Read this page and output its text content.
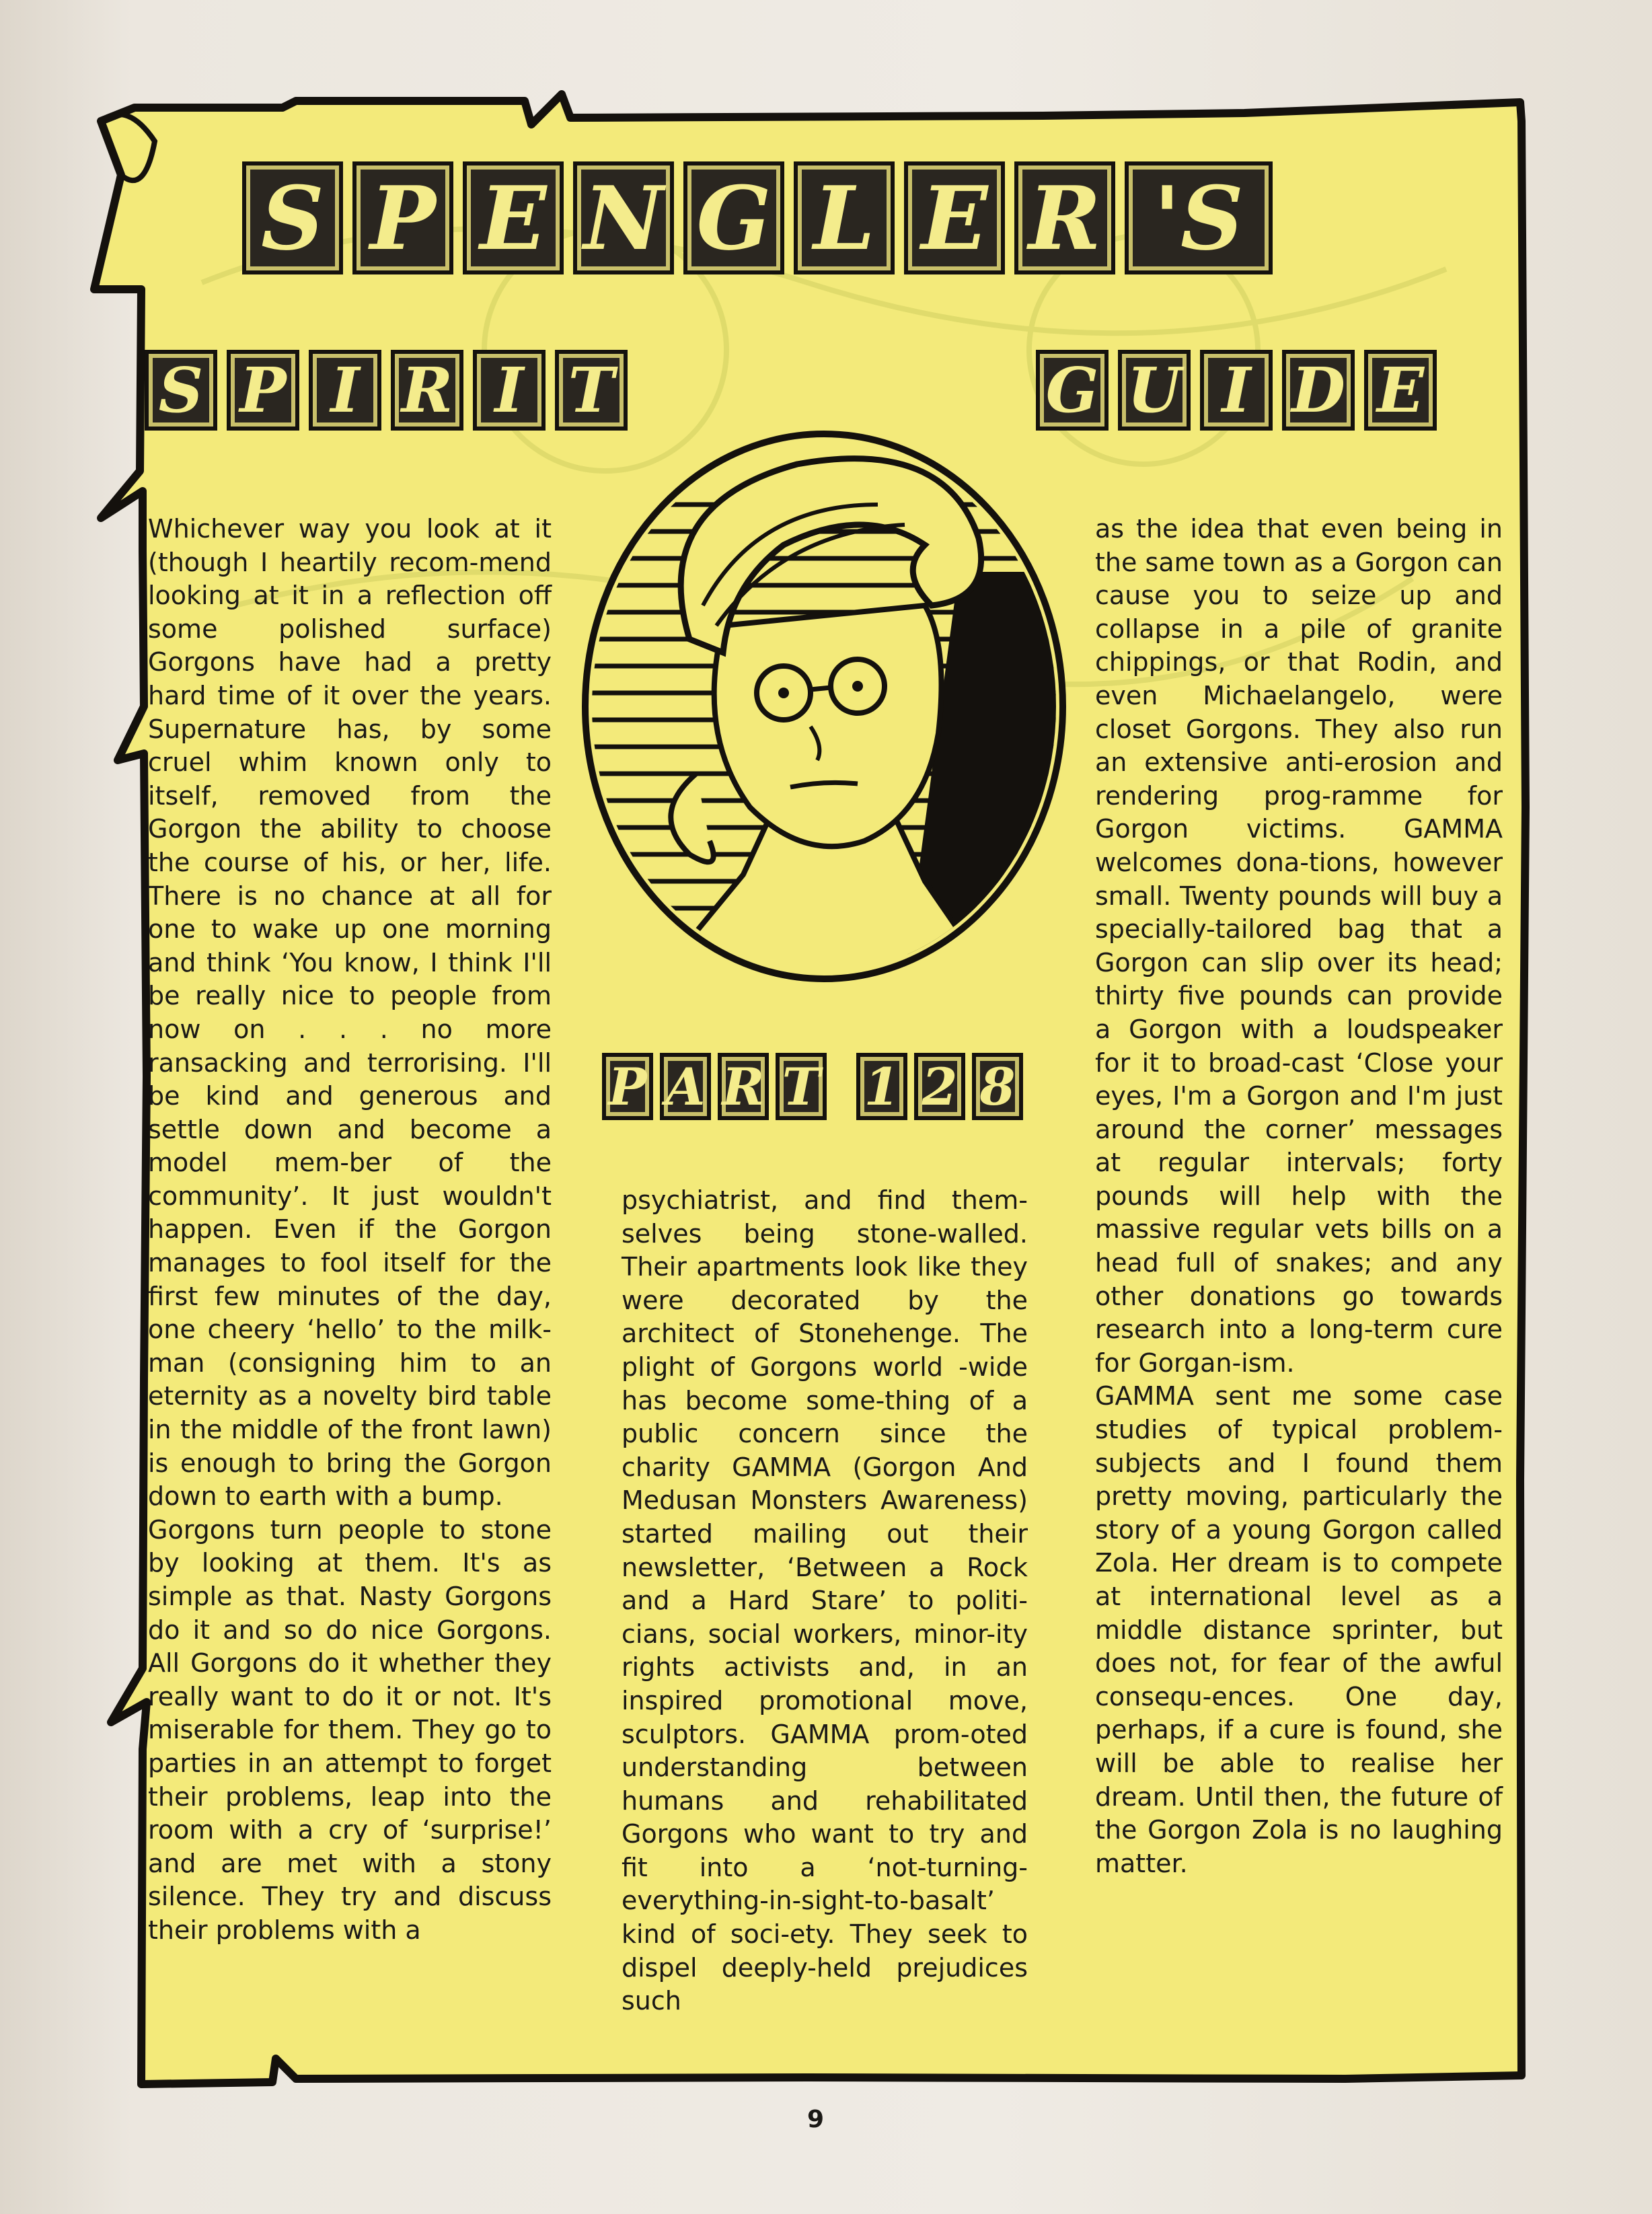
S P E N G L E R 'S
S P I R I T	G U I D E
P A R T 1 2 8

Whichever way you look at it (though I heartily recom-mend looking at it in a reflection off some polished surface) Gorgons have had a pretty hard time of it over the years. Supernature has, by some cruel whim known only to itself, removed from the Gorgon the ability to choose the course of his, or her, life. There is no chance at all for one to wake up one morning and think ‘You know, I think I'll be really nice to people from now on . . . no more ransacking and terrorising. I'll be kind and generous and settle down and become a model mem-ber of the community’. It just wouldn't happen. Even if the Gorgon manages to fool itself for the first few minutes of the day, one cheery ‘hello’ to the milk-man (consigning him to an eternity as a novelty bird table in the middle of the front lawn) is enough to bring the Gorgon down to earth with a bump.

Gorgons turn people to stone by looking at them. It's as simple as that. Nasty Gorgons do it and so do nice Gorgons. All Gorgons do it whether they really want to do it or not. It's miserable for them. They go to parties in an attempt to forget their problems, leap into the room with a cry of ‘surprise!’ and are met with a stony silence. They try and discuss their problems with a

psychiatrist, and find them-selves being stone-walled. Their apartments look like they were decorated by the architect of Stonehenge. The plight of Gorgons world -wide has become some-thing of a public concern since the charity GAMMA (Gorgon And Medusan Monsters Awareness) started mailing out their newsletter, ‘Between a Rock and a Hard Stare’ to politi-cians, social workers, minor-ity rights activists and, in an inspired promotional move, sculptors. GAMMA prom-oted understanding between humans and rehabilitated Gorgons who want to try and fit into a ‘not-turning-everything-in-sight-to-basalt’ kind of soci-ety. They seek to dispel deeply-held prejudices such

as the idea that even being in the same town as a Gorgon can cause you to seize up and collapse in a pile of granite chippings, or that Rodin, and even Michaelangelo, were closet Gorgons. They also run an extensive anti-erosion and rendering prog-ramme for Gorgon victims. GAMMA welcomes dona-tions, however small. Twenty pounds will buy a specially-tailored bag that a Gorgon can slip over its head; thirty five pounds can provide a Gorgon with a loudspeaker for it to broad-cast ‘Close your eyes, I'm a Gorgon and I'm just around the corner’ messages at regular intervals; forty pounds will help with the massive regular vets bills on a head full of snakes; and any other donations go towards research into a long-term cure for Gorgan-ism.

GAMMA sent me some case studies of typical problem-subjects and I found them pretty moving, particularly the story of a young Gorgon called Zola. Her dream is to compete at international level as a middle distance sprinter, but does not, for fear of the awful consequ-ences. One day, perhaps, if a cure is found, she will be able to realise her dream. Until then, the future of the Gorgon Zola is no laughing matter.

9
